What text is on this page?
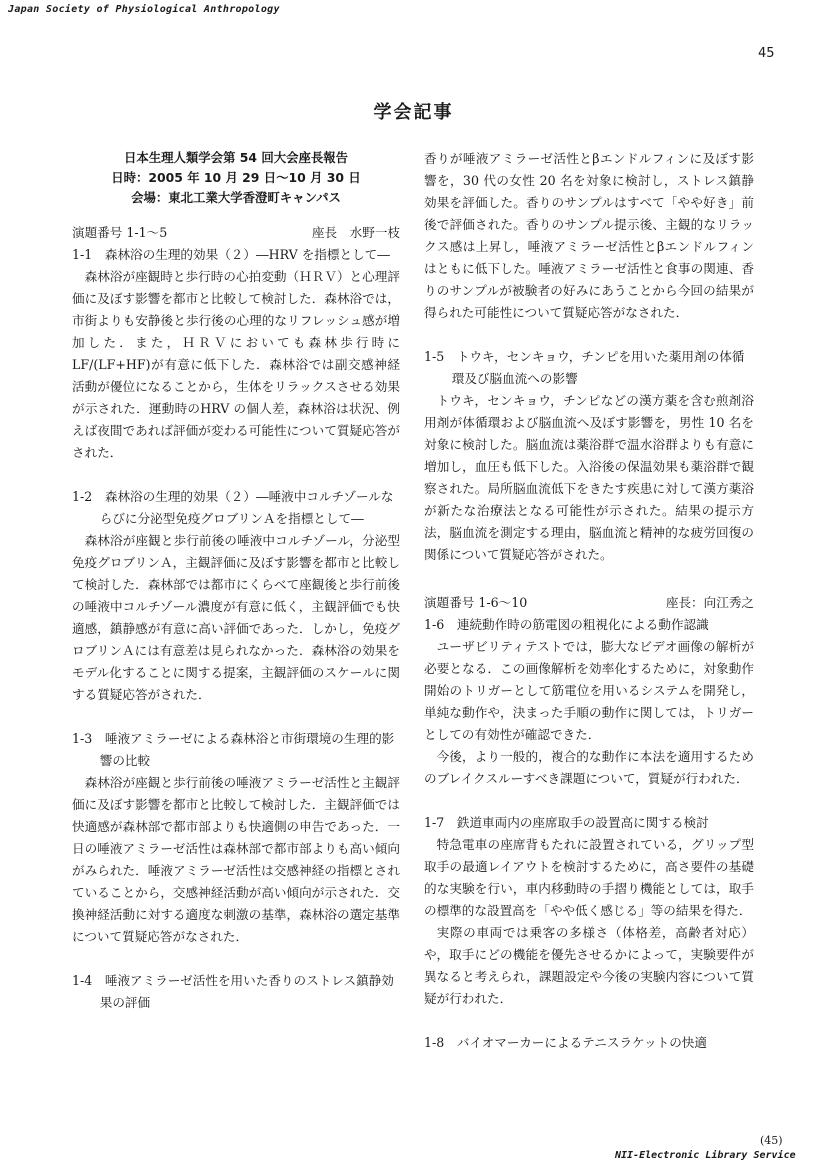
Japan Society of Physiological Anthropology
45
学会記事
日本生理人類学会第 54 回大会座長報告
日時：2005 年 10 月 29 日～10 月 30 日
会場：東北工業大学香澄町キャンパス
演題番号 1-1～5	座長　水野一枝
1-1　森林浴の生理的効果（２）―HRV を指標として―
森林浴が座観時と歩行時の心拍変動（ＨＲＶ）と心理評価に及ぼす影響を都市と比較して検討した．森林浴では，市街よりも安静後と歩行後の心理的なリフレッシュ感が増加した．また，ＨＲＶにおいても森林歩行時に LF/(LF+HF)が有意に低下した．森林浴では副交感神経活動が優位になることから，生体をリラックスさせる効果が示された．運動時のHRV の個人差，森林浴は状況、例えば夜間であれば評価が変わる可能性について質疑応答がされた．
1-2　森林浴の生理的効果（２）―唾液中コルチゾールならびに分泌型免疫グロブリンＡを指標として―
森林浴が座観と歩行前後の唾液中コルチゾール，分泌型免疫グロブリンＡ，主観評価に及ぼす影響を都市と比較して検討した．森林部では都市にくらべて座観後と歩行前後の唾液中コルチゾール濃度が有意に低く，主観評価でも快適感，鎮静感が有意に高い評価であった．しかし，免疫グロブリンＡには有意差は見られなかった．森林浴の効果をモデル化することに関する提案，主観評価のスケールに関する質疑応答がされた．
1-3　唾液アミラーゼによる森林浴と市街環境の生理的影響の比較
森林浴が座観と歩行前後の唾液アミラーゼ活性と主観評価に及ぼす影響を都市と比較して検討した．主観評価では快適感が森林部で都市部よりも快適側の申告であった．一日の唾液アミラーゼ活性は森林部で都市部よりも高い傾向がみられた．唾液アミラーゼ活性は交感神経の指標とされていることから，交感神経活動が高い傾向が示された．交換神経活動に対する適度な刺激の基準，森林浴の選定基準について質疑応答がなされた．
1-4　唾液アミラーゼ活性を用いた香りのストレス鎮静効果の評価
香りが唾液アミラーゼ活性とβエンドルフィンに及ぼす影響を，30 代の女性 20 名を対象に検討し，ストレス鎮静効果を評価した。香りのサンプルはすべて「やや好き」前後で評価された。香りのサンプル提示後、主観的なリラックス感は上昇し，唾液アミラーゼ活性とβエンドルフィンはともに低下した。唾液アミラーゼ活性と食事の関連、香りのサンプルが被験者の好みにあうことから今回の結果が得られた可能性について質疑応答がなされた．
1-5　トウキ，センキョウ，チンピを用いた薬用剤の体循環及び脳血流への影響
トウキ，センキョウ，チンピなどの漢方薬を含む煎剤浴用剤が体循環および脳血流へ及ぼす影響を，男性 10 名を対象に検討した。脳血流は薬浴群で温水浴群よりも有意に増加し，血圧も低下した。入浴後の保温効果も薬浴群で観察された。局所脳血流低下をきたす疾患に対して漢方薬浴が新たな治療法となる可能性が示された。結果の提示方法，脳血流を測定する理由，脳血流と精神的な疲労回復の関係について質疑応答がされた。
演題番号 1-6～10	座長：向江秀之
1-6　連続動作時の筋電図の粗視化による動作認識
ユーザビリティテストでは，膨大なビデオ画像の解析が必要となる．この画像解析を効率化するために，対象動作開始のトリガーとして筋電位を用いるシステムを開発し，単純な動作や，決まった手順の動作に関しては，トリガーとしての有効性が確認できた．
今後，より一般的，複合的な動作に本法を適用するためのブレイクスルーすべき課題について，質疑が行われた．
1-7　鉄道車両内の座席取手の設置高に関する検討
特急電車の座席背もたれに設置されている，グリップ型取手の最適レイアウトを検討するために，高さ要件の基礎的な実験を行い，車内移動時の手摺り機能としては，取手の標準的な設置高を「やや低く感じる」等の結果を得た．
実際の車両では乗客の多様さ（体格差，高齢者対応）や，取手にどの機能を優先させるかによって，実験要件が異なると考えられ，課題設定や今後の実験内容について質疑が行われた．
1-8　バイオマーカーによるテニスラケットの快適
(45)
NII-Electronic Library Service
